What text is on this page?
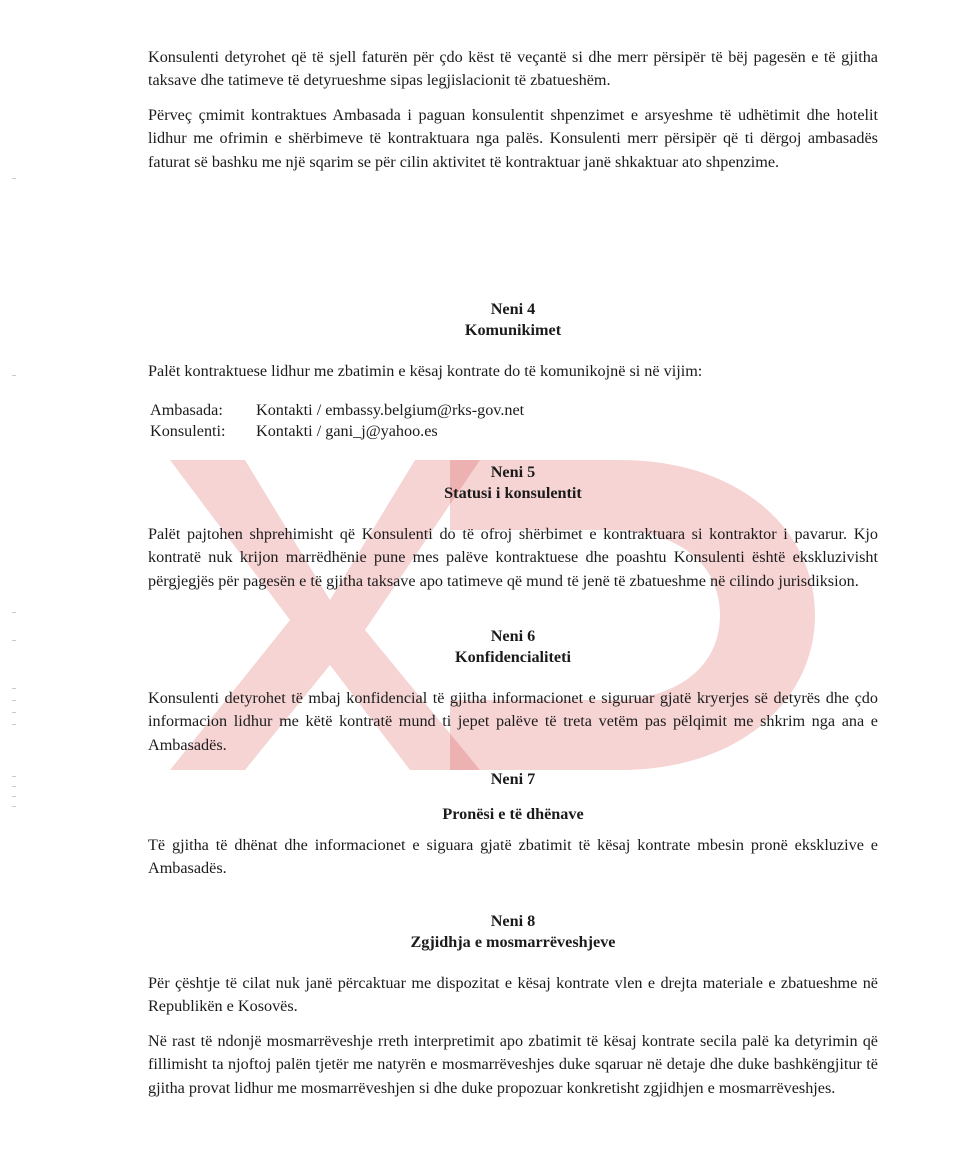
Konsulenti detyrohet që të sjell faturën për çdo këst të veçantë si dhe merr përsipër të bëj pagesën e të gjitha taksave dhe tatimeve të detyrueshme sipas legjislacionit të zbatueshëm.

Përveç çmimit kontraktues Ambasada i paguan konsulentit shpenzimet e arsyeshme të udhëtimit dhe hotelit lidhur me ofrimin e shërbimeve të kontraktuara nga palës. Konsulenti merr përsipër që ti dërgoj ambasadës faturat së bashku me një sqarim se për cilin aktivitet të kontraktuar janë shkaktuar ato shpenzime.

Neni 4
Komunikimet

Palët kontraktuese lidhur me zbatimin e kësaj kontrate do të komunikojnë si në vijim:

Ambasada:	Kontakti / embassy.belgium@rks-gov.net
Konsulenti:	Kontakti / gani_j@yahoo.es
Neni 5
Statusi i konsulentit

Palët pajtohen shprehimisht që Konsulenti do të ofroj shërbimet e kontraktuara si kontraktor i pavarur. Kjo kontratë nuk krijon marrëdhënie pune mes palëve kontraktuese dhe poashtu Konsulenti është ekskluzivisht përgjegjës për pagesën e të gjitha taksave apo tatimeve që mund të jenë të zbatueshme në cilindo jurisdiksion.

Neni 6
Konfidencialiteti

Konsulenti detyrohet të mbaj konfidencial të gjitha informacionet e siguruar gjatë kryerjes së detyrës dhe çdo informacion lidhur me këtë kontratë mund ti jepet palëve të treta vetëm pas pëlqimit me shkrim nga ana e Ambasadës.

Neni 7
Pronësi e të dhënave

Të gjitha të dhënat dhe informacionet e siguara gjatë zbatimit të kësaj kontrate mbesin pronë ekskluzive e Ambasadës.

Neni 8
Zgjidhja e mosmarrëveshjeve

Për çështje të cilat nuk janë përcaktuar me dispozitat e kësaj kontrate vlen e drejta materiale e zbatueshme në Republikën e Kosovës.

Në rast të ndonjë mosmarrëveshje rreth interpretimit apo zbatimit të kësaj kontrate secila palë ka detyrimin që fillimisht ta njoftoj palën tjetër me natyrën e mosmarrëveshjes duke sqaruar në detaje dhe duke bashkëngjitur të gjitha provat lidhur me mosmarrëveshjen si dhe duke propozuar konkretisht zgjidhjen e mosmarrëveshjes.
